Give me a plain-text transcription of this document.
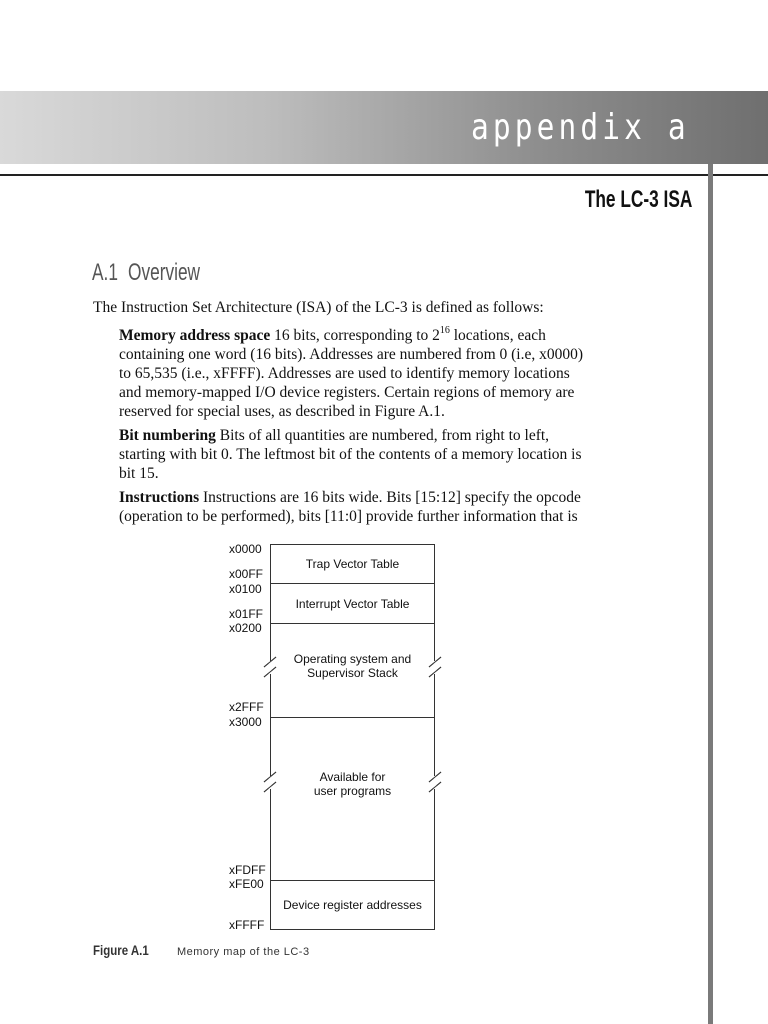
appendix a
The LC-3 ISA
A.1 Overview
The Instruction Set Architecture (ISA) of the LC-3 is defined as follows:
Memory address space 16 bits, corresponding to $2^{16}$ locations, each containing one word (16 bits). Addresses are numbered from 0 (i.e, x0000) to 65,535 (i.e., xFFFF). Addresses are used to identify memory locations and memory-mapped I/O device registers. Certain regions of memory are reserved for special uses, as described in Figure A.1.
Bit numbering Bits of all quantities are numbered, from right to left, starting with bit 0. The leftmost bit of the contents of a memory location is bit 15.
Instructions Instructions are 16 bits wide. Bits [15:12] specify the opcode (operation to be performed), bits [11:0] provide further information that is
x0000
x00FF
x0100
x01FF
x0200
x2FFF
x3000
xFDFF
xFE00
xFFFF
Trap Vector Table
Interrupt Vector Table
Operating system and
Supervisor Stack
Available for
user programs
Device register addresses
Figure A.1	Memory map of the LC-3
